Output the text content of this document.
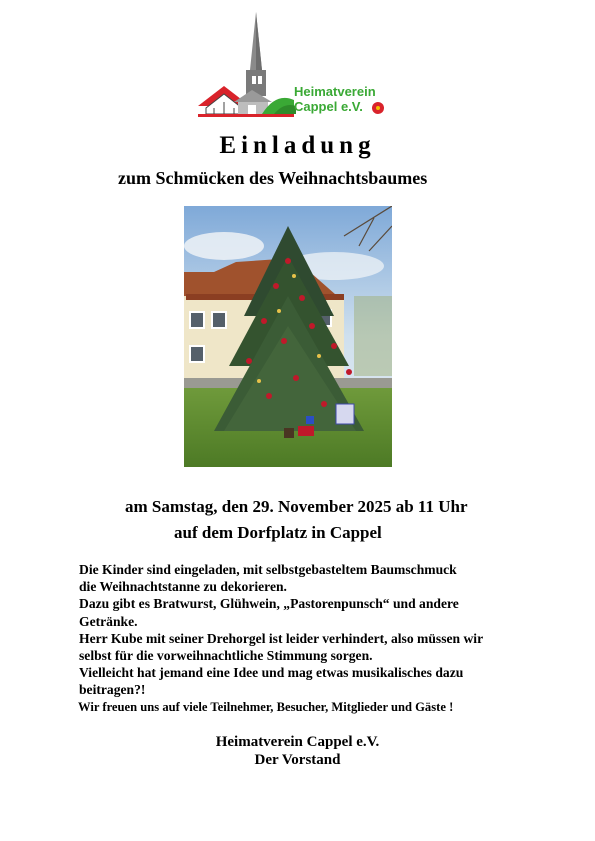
Heimatverein
Cappel e.V.
Einladung
zum Schmücken des Weihnachtsbaumes
am Samstag, den 29. November 2025 ab 11 Uhr
auf dem Dorfplatz in Cappel
Die Kinder sind eingeladen, mit selbstgebasteltem Baumschmuck
die Weihnachtstanne zu dekorieren.
Dazu gibt es Bratwurst, Glühwein, „Pastorenpunsch“ und andere
Getränke.
Herr Kube mit seiner Drehorgel ist leider verhindert, also müssen wir
selbst für die vorweihnachtliche Stimmung sorgen.
Vielleicht hat jemand eine Idee und mag etwas musikalisches dazu
beitragen?!
Wir freuen uns auf viele Teilnehmer, Besucher, Mitglieder und Gäste !
Heimatverein Cappel e.V.
Der Vorstand
